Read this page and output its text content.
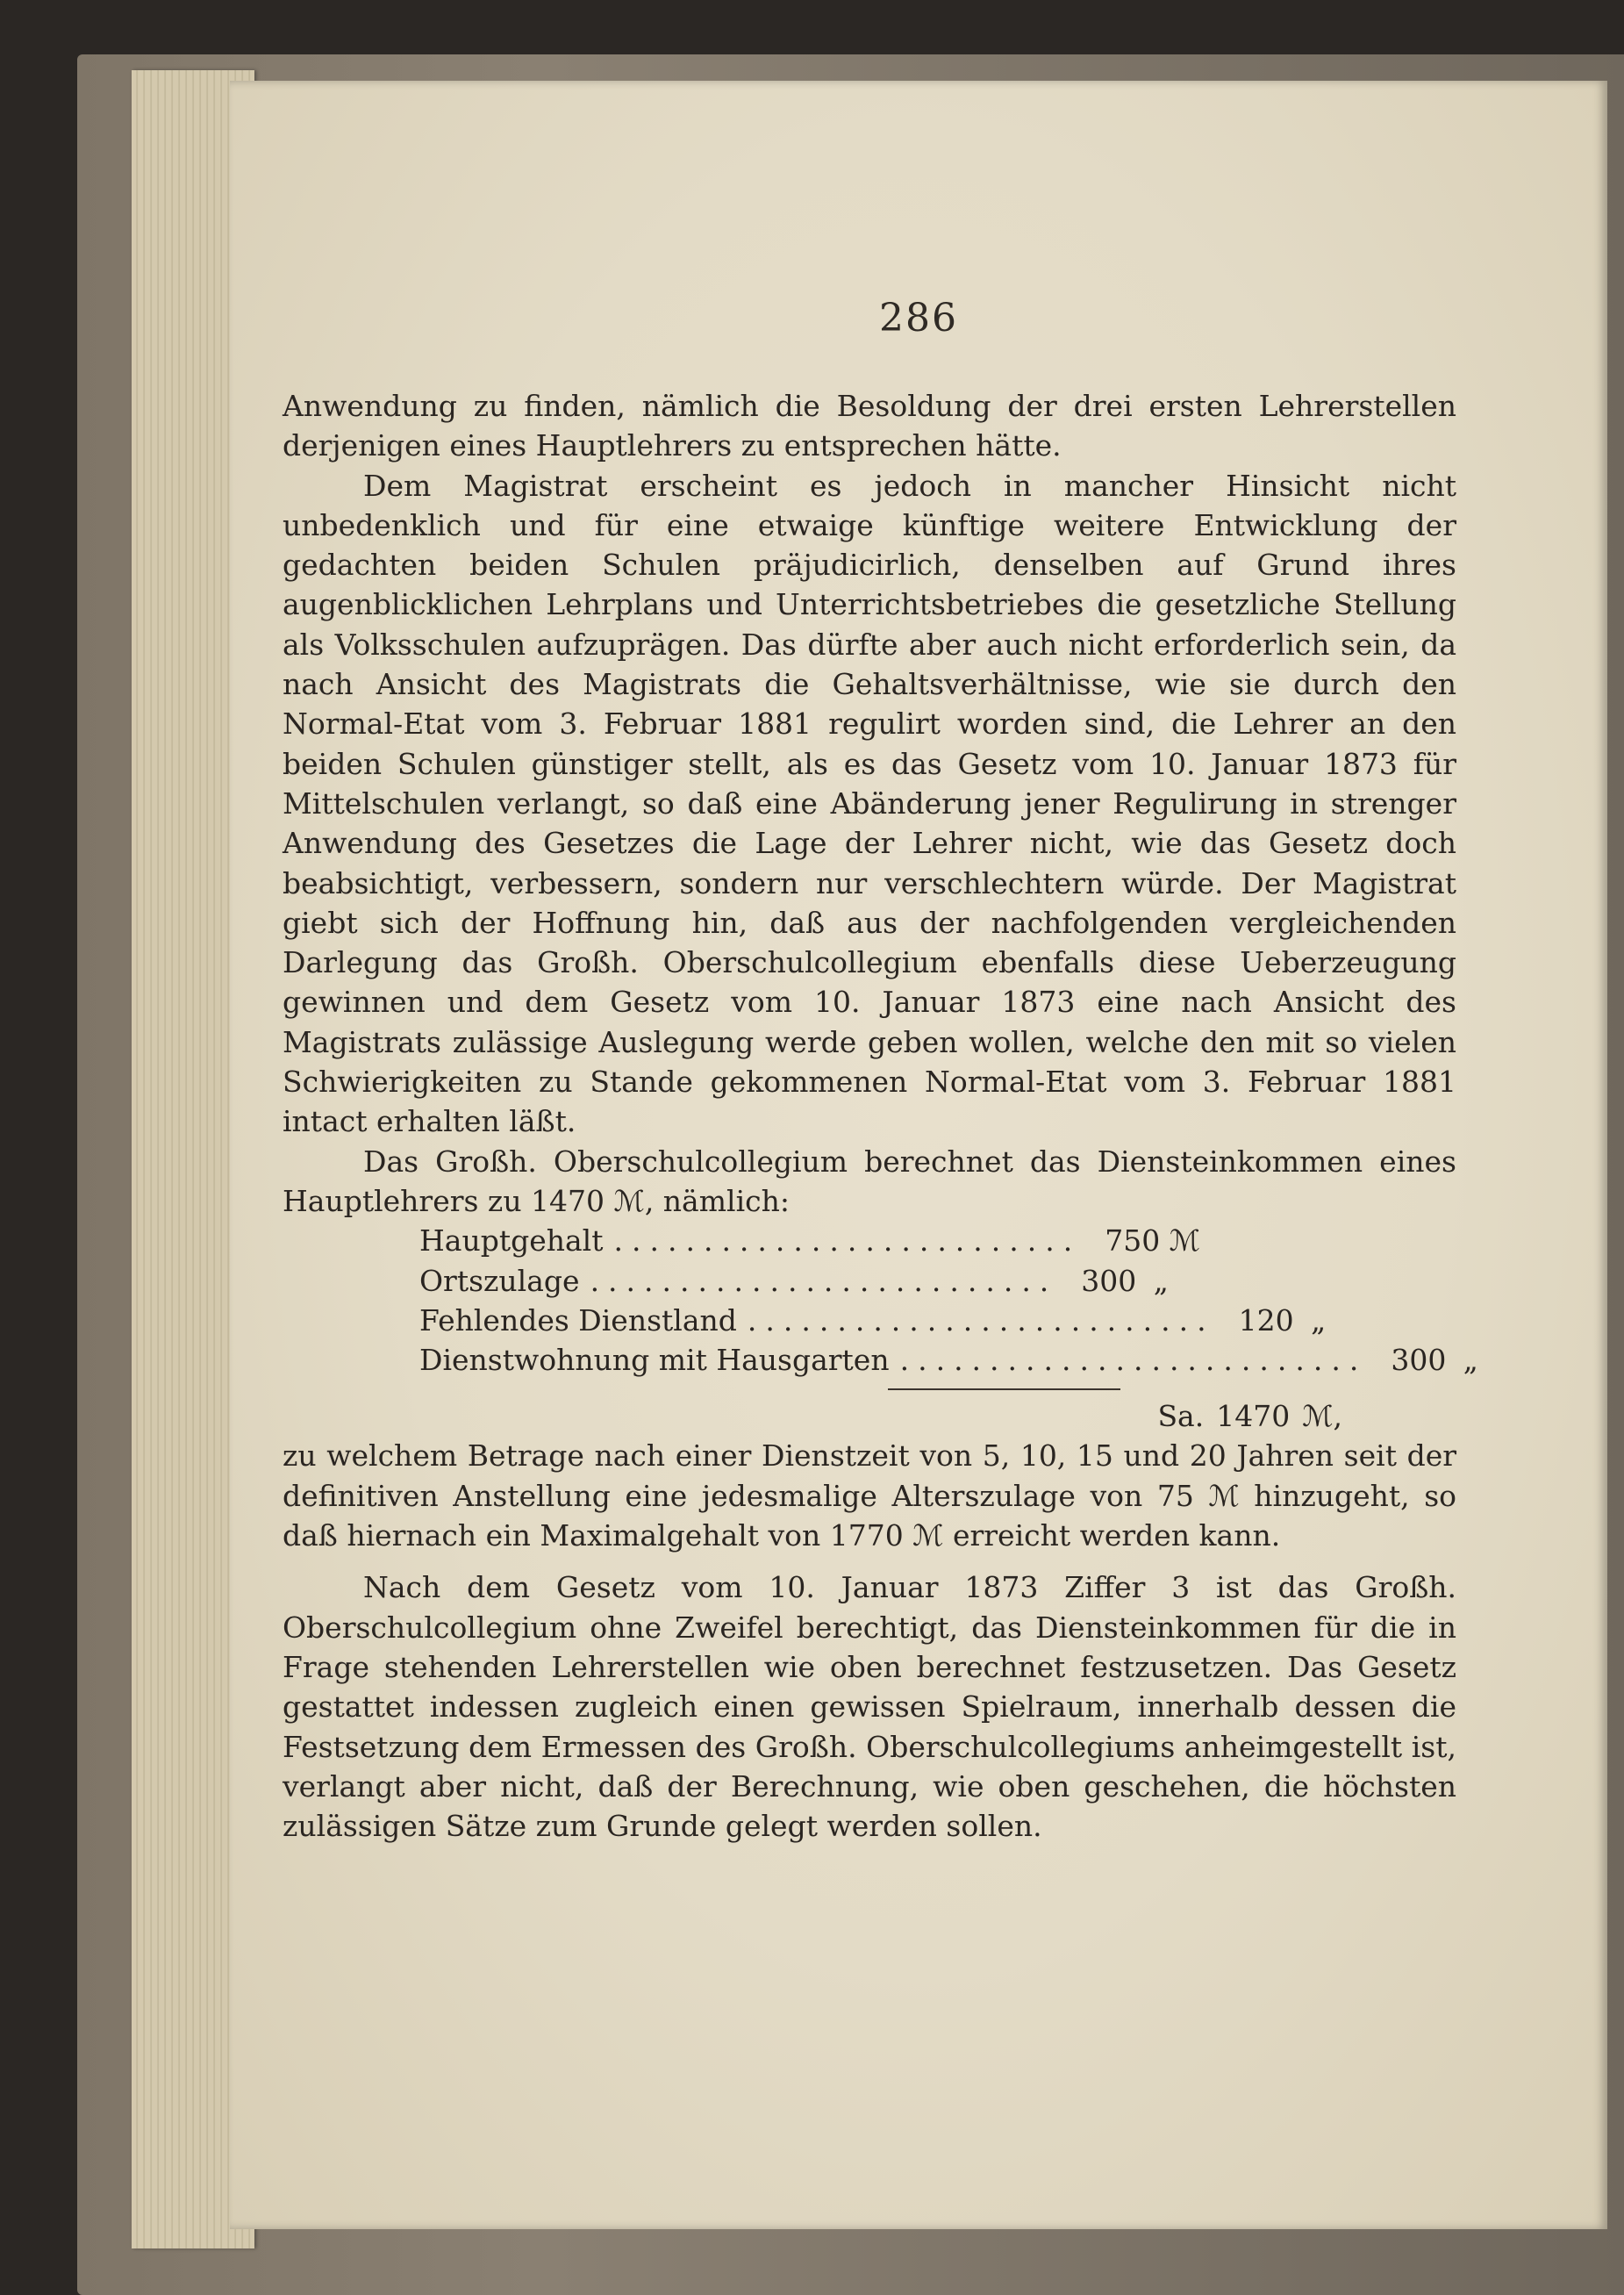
286

Anwendung zu finden, nämlich die Besoldung der drei ersten Lehrerstellen derjenigen eines Hauptlehrers zu entsprechen hätte.

Dem Magistrat erscheint es jedoch in mancher Hinsicht nicht unbedenklich und für eine etwaige künftige weitere Entwicklung der gedachten beiden Schulen präjudicirlich, denselben auf Grund ihres augenblicklichen Lehrplans und Unterrichtsbetriebes die gesetzliche Stellung als Volksschulen aufzuprägen. Das dürfte aber auch nicht erforderlich sein, da nach Ansicht des Magistrats die Gehaltsverhältnisse, wie sie durch den Normal-Etat vom 3. Februar 1881 regulirt worden sind, die Lehrer an den beiden Schulen günstiger stellt, als es das Gesetz vom 10. Januar 1873 für Mittelschulen verlangt, so daß eine Abänderung jener Regulirung in strenger Anwendung des Gesetzes die Lage der Lehrer nicht, wie das Gesetz doch beabsichtigt, verbessern, sondern nur verschlechtern würde. Der Magistrat giebt sich der Hoffnung hin, daß aus der nachfolgenden vergleichenden Darlegung das Großh. Oberschulcollegium ebenfalls diese Ueberzeugung gewinnen und dem Gesetz vom 10. Januar 1873 eine nach Ansicht des Magistrats zulässige Auslegung werde geben wollen, welche den mit so vielen Schwierigkeiten zu Stande gekommenen Normal-Etat vom 3. Februar 1881 intact erhalten läßt.

Das Großh. Oberschulcollegium berechnet das Diensteinkommen eines Hauptlehrers zu 1470 ℳ, nämlich:

Hauptgehalt .......................... 750 ℳ
Ortszulage .......................... 300 „
Fehlendes Dienstland .......................... 120 „
Dienstwohnung mit Hausgarten .......................... 300 „
Sa. 1470 ℳ,

zu welchem Betrage nach einer Dienstzeit von 5, 10, 15 und 20 Jahren seit der definitiven Anstellung eine jedesmalige Alterszulage von 75 ℳ hinzugeht, so daß hiernach ein Maximalgehalt von 1770 ℳ erreicht werden kann.

Nach dem Gesetz vom 10. Januar 1873 Ziffer 3 ist das Großh. Oberschulcollegium ohne Zweifel berechtigt, das Diensteinkommen für die in Frage stehenden Lehrerstellen wie oben berechnet festzusetzen. Das Gesetz gestattet indessen zugleich einen gewissen Spielraum, innerhalb dessen die Festsetzung dem Ermessen des Großh. Oberschulcollegiums anheimgestellt ist, verlangt aber nicht, daß der Berechnung, wie oben geschehen, die höchsten zulässigen Sätze zum Grunde gelegt werden sollen.
